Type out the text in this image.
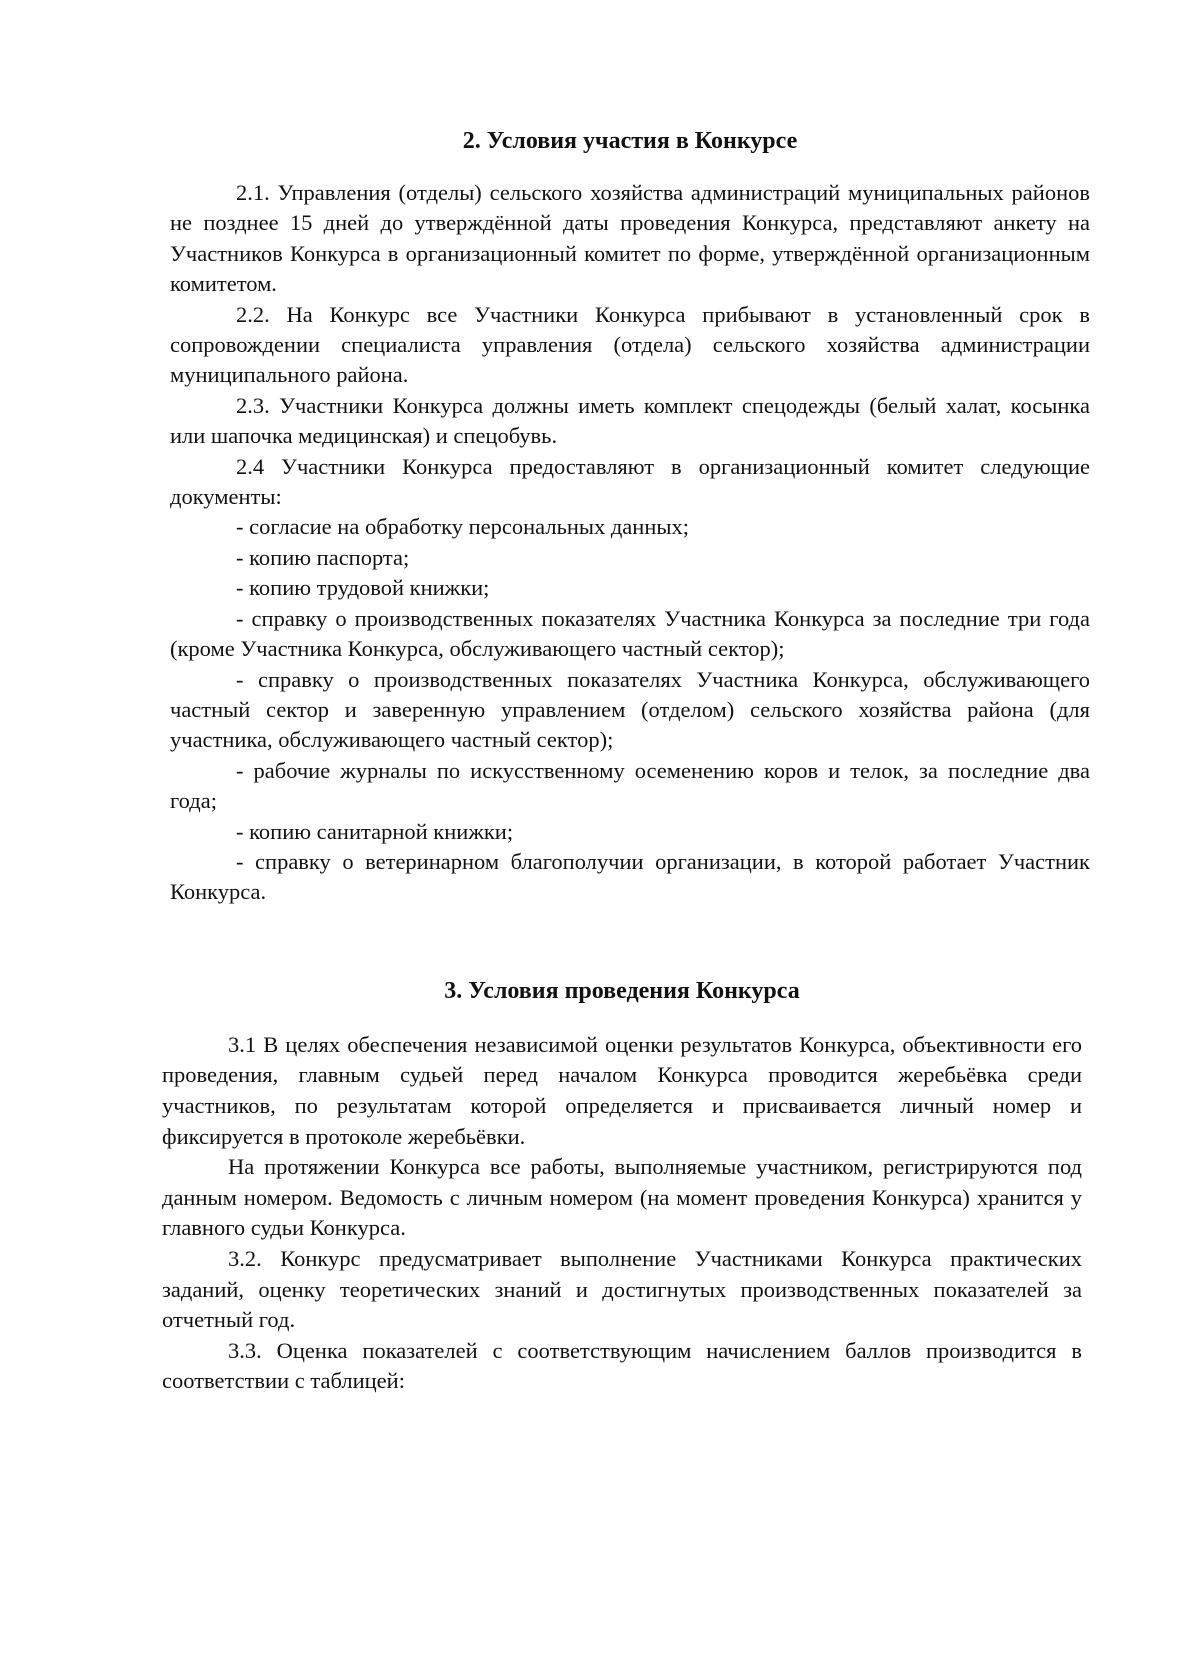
2. Условия участия в Конкурсе

2.1. Управления (отделы) сельского хозяйства администраций муниципальных районов не позднее 15 дней до утверждённой даты проведения Конкурса, представляют анкету на Участников Конкурса в организационный комитет по форме, утверждённой организационным комитетом.

2.2. На Конкурс все Участники Конкурса прибывают в установленный срок в сопровождении специалиста управления (отдела) сельского хозяйства администрации муниципального района.

2.3. Участники Конкурса должны иметь комплект спецодежды (белый халат, косынка или шапочка медицинская) и спецобувь.

2.4 Участники Конкурса предоставляют в организационный комитет следующие документы:

- согласие на обработку персональных данных;

- копию паспорта;

- копию трудовой книжки;

- справку о производственных показателях Участника Конкурса за последние три года (кроме Участника Конкурса, обслуживающего частный сектор);

- справку о производственных показателях Участника Конкурса, обслуживающего частный сектор и заверенную управлением (отделом) сельского хозяйства района (для участника, обслуживающего частный сектор);

- рабочие журналы по искусственному осеменению коров и телок, за последние два года;

- копию санитарной книжки;

- справку о ветеринарном благополучии организации, в которой работает Участник Конкурса.

3. Условия проведения Конкурса

3.1 В целях обеспечения независимой оценки результатов Конкурса, объективности его проведения, главным судьей перед началом Конкурса проводится жеребьёвка среди участников, по результатам которой определяется и присваивается личный номер и фиксируется в протоколе жеребьёвки.

На протяжении Конкурса все работы, выполняемые участником, регистрируются под данным номером. Ведомость с личным номером (на момент проведения Конкурса) хранится у главного судьи Конкурса.

3.2. Конкурс предусматривает выполнение Участниками Конкурса практических заданий, оценку теоретических знаний и достигнутых производственных показателей за отчетный год.

3.3. Оценка показателей с соответствующим начислением баллов производится в соответствии с таблицей:
